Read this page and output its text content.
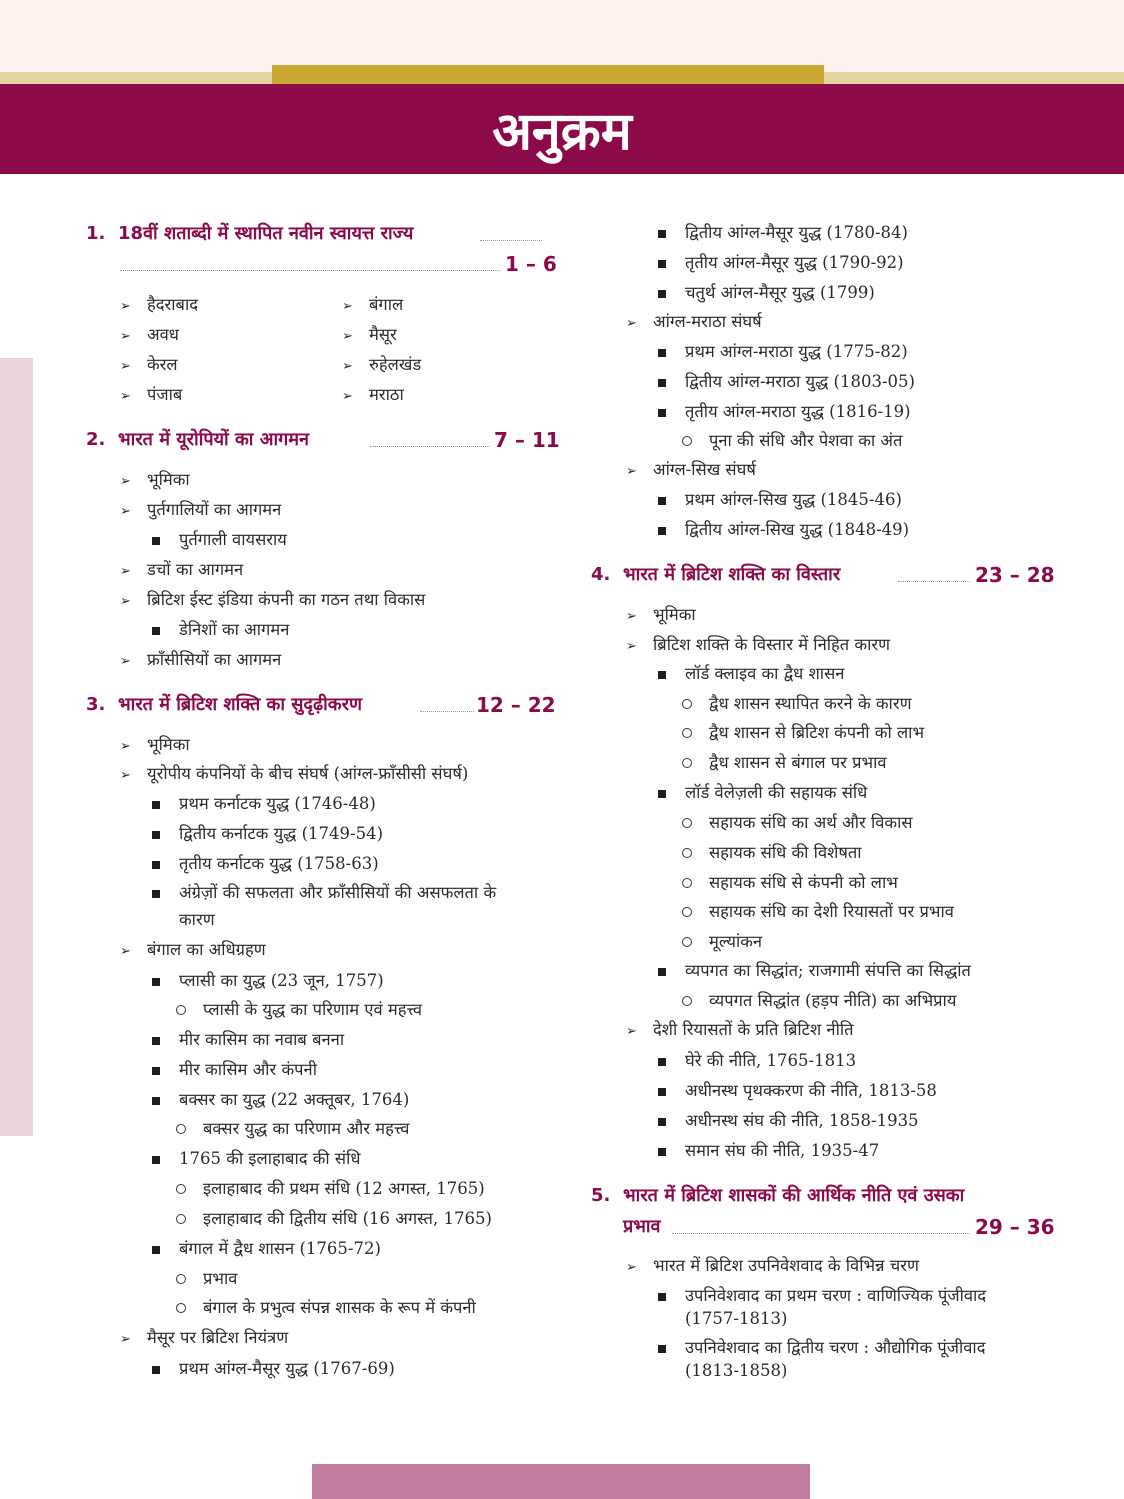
अनुक्रम
1. 18वीं शताब्दी में स्थापित नवीन स्वायत्त राज्य
1 – 6
➢
हैदराबाद ➢	बंगाल
➢
अवध ➢	मैसूर
➢
केरल ➢	रुहेलखंड
➢
पंजाब ➢	मराठा
2. भारत में यूरोपियों का आगमन	7 – 11
➢
भूमिका
➢
पुर्तगालियों का आगमन
पुर्तगाली वायसराय
➢
डचों का आगमन
➢
ब्रिटिश ईस्ट इंडिया कंपनी का गठन तथा विकास
डेनिशों का आगमन
➢
फ्राँसीसियों का आगमन
3. भारत में ब्रिटिश शक्ति का सुदृढ़ीकरण	12 – 22
➢
भूमिका
➢
यूरोपीय कंपनियों के बीच संघर्ष (आंग्ल-फ्राँसीसी संघर्ष)
प्रथम कर्नाटक युद्ध (1746-48)
द्वितीय कर्नाटक युद्ध (1749-54)
तृतीय कर्नाटक युद्ध (1758-63)
अंग्रेज़ों की सफलता और फ्राँसीसियों की असफलता के
कारण
➢
बंगाल का अधिग्रहण
प्लासी का युद्ध (23 जून, 1757)
प्लासी के युद्ध का परिणाम एवं महत्त्व
मीर कासिम का नवाब बनना
मीर कासिम और कंपनी
बक्सर का युद्ध (22 अक्तूबर, 1764)
बक्सर युद्ध का परिणाम और महत्त्व
1765 की इलाहाबाद की संधि
इलाहाबाद की प्रथम संधि (12 अगस्त, 1765)
इलाहाबाद की द्वितीय संधि (16 अगस्त, 1765)
बंगाल में द्वैध शासन (1765-72)
प्रभाव
बंगाल के प्रभुत्व संपन्न शासक के रूप में कंपनी
➢
मैसूर पर ब्रिटिश नियंत्रण
प्रथम आंग्ल-मैसूर युद्ध (1767-69)
द्वितीय आंग्ल-मैसूर युद्ध (1780-84)
तृतीय आंग्ल-मैसूर युद्ध (1790-92)
चतुर्थ आंग्ल-मैसूर युद्ध (1799)
➢
आंग्ल-मराठा संघर्ष
प्रथम आंग्ल-मराठा युद्ध (1775-82)
द्वितीय आंग्ल-मराठा युद्ध (1803-05)
तृतीय आंग्ल-मराठा युद्ध (1816-19)
पूना की संधि और पेशवा का अंत
➢
आंग्ल-सिख संघर्ष
प्रथम आंग्ल-सिख युद्ध (1845-46)
द्वितीय आंग्ल-सिख युद्ध (1848-49)
4. भारत में ब्रिटिश शक्ति का विस्तार	23 – 28
➢
भूमिका
➢
ब्रिटिश शक्ति के विस्तार में निहित कारण
लॉर्ड क्लाइव का द्वैध शासन
द्वैध शासन स्थापित करने के कारण
द्वैध शासन से ब्रिटिश कंपनी को लाभ
द्वैध शासन से बंगाल पर प्रभाव
लॉर्ड वेलेज़ली की सहायक संधि
सहायक संधि का अर्थ और विकास
सहायक संधि की विशेषता
सहायक संधि से कंपनी को लाभ
सहायक संधि का देशी रियासतों पर प्रभाव
मूल्यांकन
व्यपगत का सिद्धांत; राजगामी संपत्ति का सिद्धांत
व्यपगत सिद्धांत (हड़प नीति) का अभिप्राय
➢
देशी रियासतों के प्रति ब्रिटिश नीति
घेरे की नीति, 1765-1813
अधीनस्थ पृथक्करण की नीति, 1813-58
अधीनस्थ संघ की नीति, 1858-1935
समान संघ की नीति, 1935-47
5. भारत में ब्रिटिश शासकों की आर्थिक नीति एवं उसका
प्रभाव	29 – 36
➢
भारत में ब्रिटिश उपनिवेशवाद के विभिन्न चरण
उपनिवेशवाद का प्रथम चरण : वाणिज्यिक पूंजीवाद
(1757-1813)
उपनिवेशवाद का द्वितीय चरण : औद्योगिक पूंजीवाद
(1813-1858)
